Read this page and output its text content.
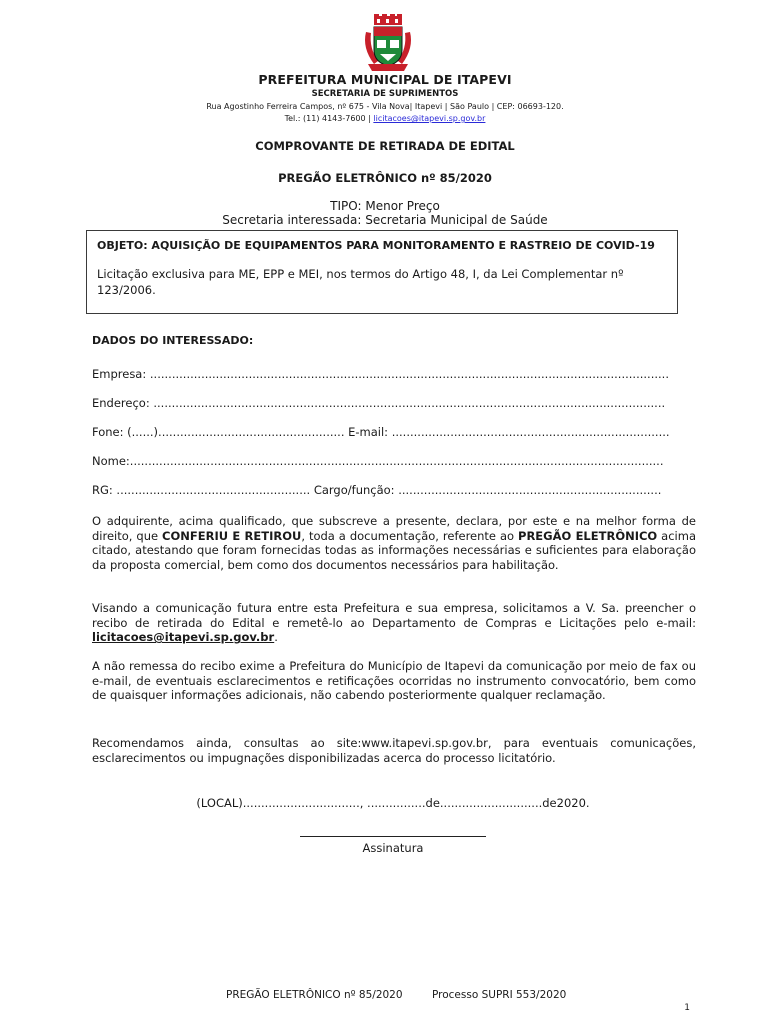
PREFEITURA MUNICIPAL DE ITAPEVI
SECRETARIA DE SUPRIMENTOS
Rua Agostinho Ferreira Campos, nº 675 - Vila Nova| Itapevi | São Paulo | CEP: 06693-120.
Tel.: (11) 4143-7600 | licitacoes@itapevi.sp.gov.br
COMPROVANTE DE RETIRADA DE EDITAL
PREGÃO ELETRÔNICO nº 85/2020
TIPO: Menor Preço
Secretaria interessada: Secretaria Municipal de Saúde
OBJETO: AQUISIÇÃO DE EQUIPAMENTOS PARA MONITORAMENTO E RASTREIO DE COVID-19
Licitação exclusiva para ME, EPP e MEI, nos termos do Artigo 48, I, da Lei Complementar nº 123/2006.
DADOS DO INTERESSADO:
Empresa: ..............................................................................................................................................
Endereço: ............................................................................................................................................
Fone: (......)................................................... E-mail: ............................................................................
Nome:..................................................................................................................................................
RG: ..................................................... Cargo/função: ........................................................................
O adquirente, acima qualificado, que subscreve a presente, declara, por este e na melhor forma de direito, que CONFERIU E RETIROU, toda a documentação, referente ao PREGÃO ELETRÔNICO acima citado, atestando que foram fornecidas todas as informações necessárias e suficientes para elaboração da proposta comercial, bem como dos documentos necessários para habilitação.
Visando a comunicação futura entre esta Prefeitura e sua empresa, solicitamos a V. Sa. preencher o recibo de retirada do Edital e remetê-lo ao Departamento de Compras e Licitações pelo e-mail: licitacoes@itapevi.sp.gov.br.
A não remessa do recibo exime a Prefeitura do Município de Itapevi da comunicação por meio de fax ou e-mail, de eventuais esclarecimentos e retificações ocorridas no instrumento convocatório, bem como de quaisquer informações adicionais, não cabendo posteriormente qualquer reclamação.
Recomendamos ainda, consultas ao site:www.itapevi.sp.gov.br, para eventuais comunicações, esclarecimentos ou impugnações disponibilizadas acerca do processo licitatório.
(LOCAL)................................, ................de............................de2020.
Assinatura
PREGÃO ELETRÔNICO nº 85/2020	Processo SUPRI 553/2020
1
